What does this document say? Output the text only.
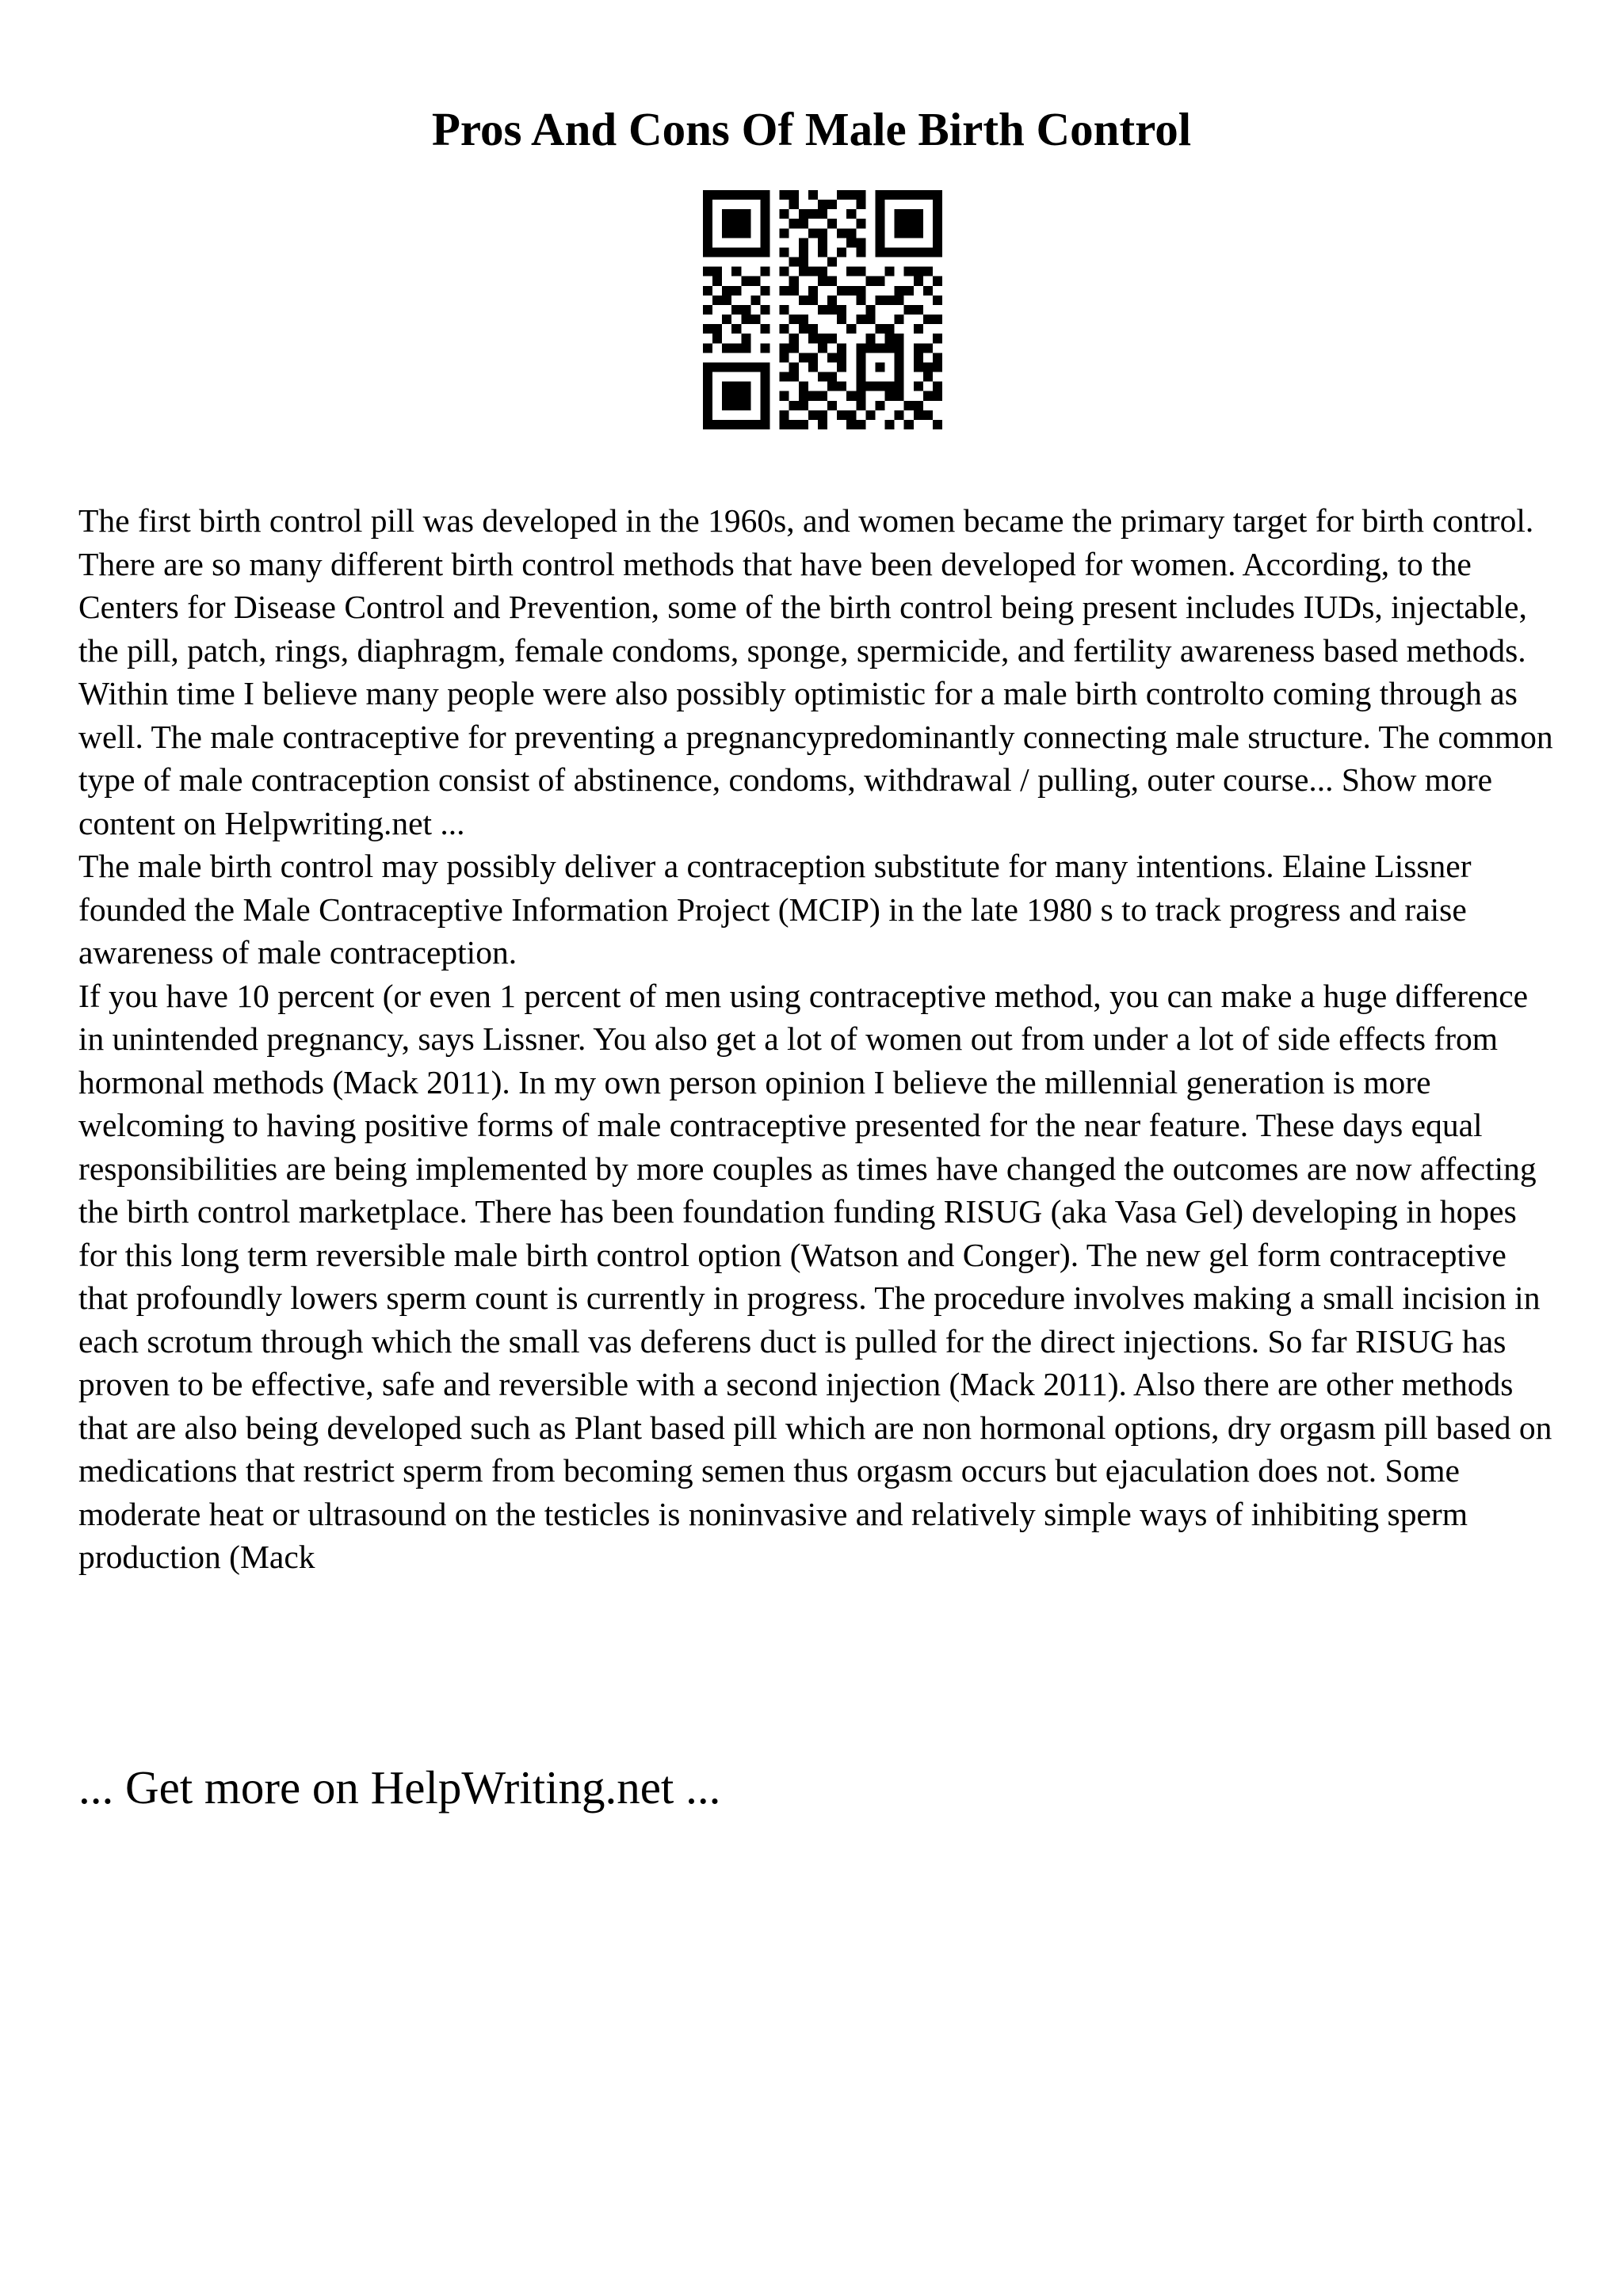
Pros And Cons Of Male Birth Control

The first birth control pill was developed in the 1960s, and women became the primary target for birth control. There are so many different birth control methods that have been developed for women. According, to the Centers for Disease Control and Prevention, some of the birth control being present includes IUDs, injectable, the pill, patch, rings, diaphragm, female condoms, sponge, spermicide, and fertility awareness based methods. Within time I believe many people were also possibly optimistic for a male birth controlto coming through as well. The male contraceptive for preventing a pregnancypredominantly connecting male structure. The common type of male contraception consist of abstinence, condoms, withdrawal / pulling, outer course... Show more content on Helpwriting.net ...

The male birth control may possibly deliver a contraception substitute for many intentions. Elaine Lissner founded the Male Contraceptive Information Project (MCIP) in the late 1980 s to track progress and raise awareness of male contraception.

If you have 10 percent (or even 1 percent of men using contraceptive method, you can make a huge difference in unintended pregnancy, says Lissner. You also get a lot of women out from under a lot of side effects from hormonal methods (Mack 2011). In my own person opinion I believe the millennial generation is more welcoming to having positive forms of male contraceptive presented for the near feature. These days equal responsibilities are being implemented by more couples as times have changed the outcomes are now affecting the birth control marketplace. There has been foundation funding RISUG (aka Vasa Gel) developing in hopes for this long term reversible male birth control option (Watson and Conger). The new gel form contraceptive that profoundly lowers sperm count is currently in progress. The procedure involves making a small incision in each scrotum through which the small vas deferens duct is pulled for the direct injections. So far RISUG has proven to be effective, safe and reversible with a second injection (Mack 2011). Also there are other methods that are also being developed such as Plant based pill which are non hormonal options, dry orgasm pill based on medications that restrict sperm from becoming semen thus orgasm occurs but ejaculation does not. Some moderate heat or ultrasound on the testicles is noninvasive and relatively simple ways of inhibiting sperm production (Mack

... Get more on HelpWriting.net ...
